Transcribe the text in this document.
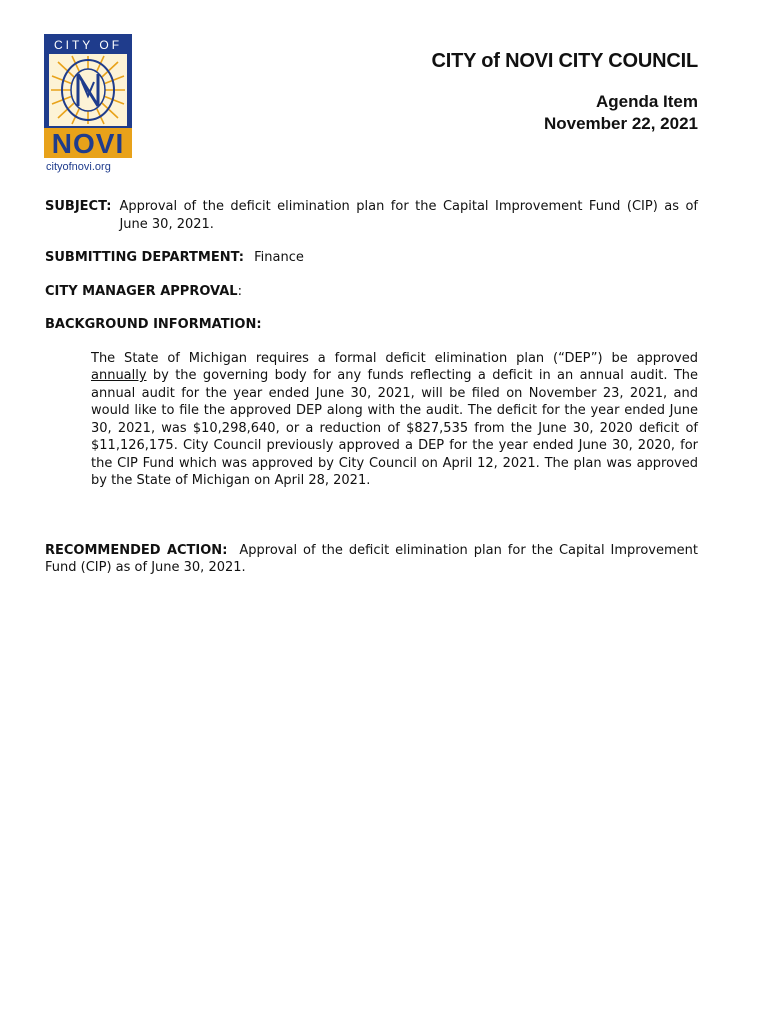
CITY OF
NOVI
cityofnovi.org
CITY of NOVI CITY COUNCIL
Agenda Item
November 22, 2021
SUBJECT: Approval of the deficit elimination plan for the Capital Improvement Fund (CIP) as of June 30, 2021.
SUBMITTING DEPARTMENT: Finance
CITY MANAGER APPROVAL:
BACKGROUND INFORMATION:
The State of Michigan requires a formal deficit elimination plan (“DEP”) be approved annually by the governing body for any funds reflecting a deficit in an annual audit. The annual audit for the year ended June 30, 2021, will be filed on November 23, 2021, and would like to file the approved DEP along with the audit. The deficit for the year ended June 30, 2021, was $10,298,640, or a reduction of $827,535 from the June 30, 2020 deficit of $11,126,175. City Council previously approved a DEP for the year ended June 30, 2020, for the CIP Fund which was approved by City Council on April 12, 2021. The plan was approved by the State of Michigan on April 28, 2021.
RECOMMENDED ACTION: Approval of the deficit elimination plan for the Capital Improvement Fund (CIP) as of June 30, 2021.
